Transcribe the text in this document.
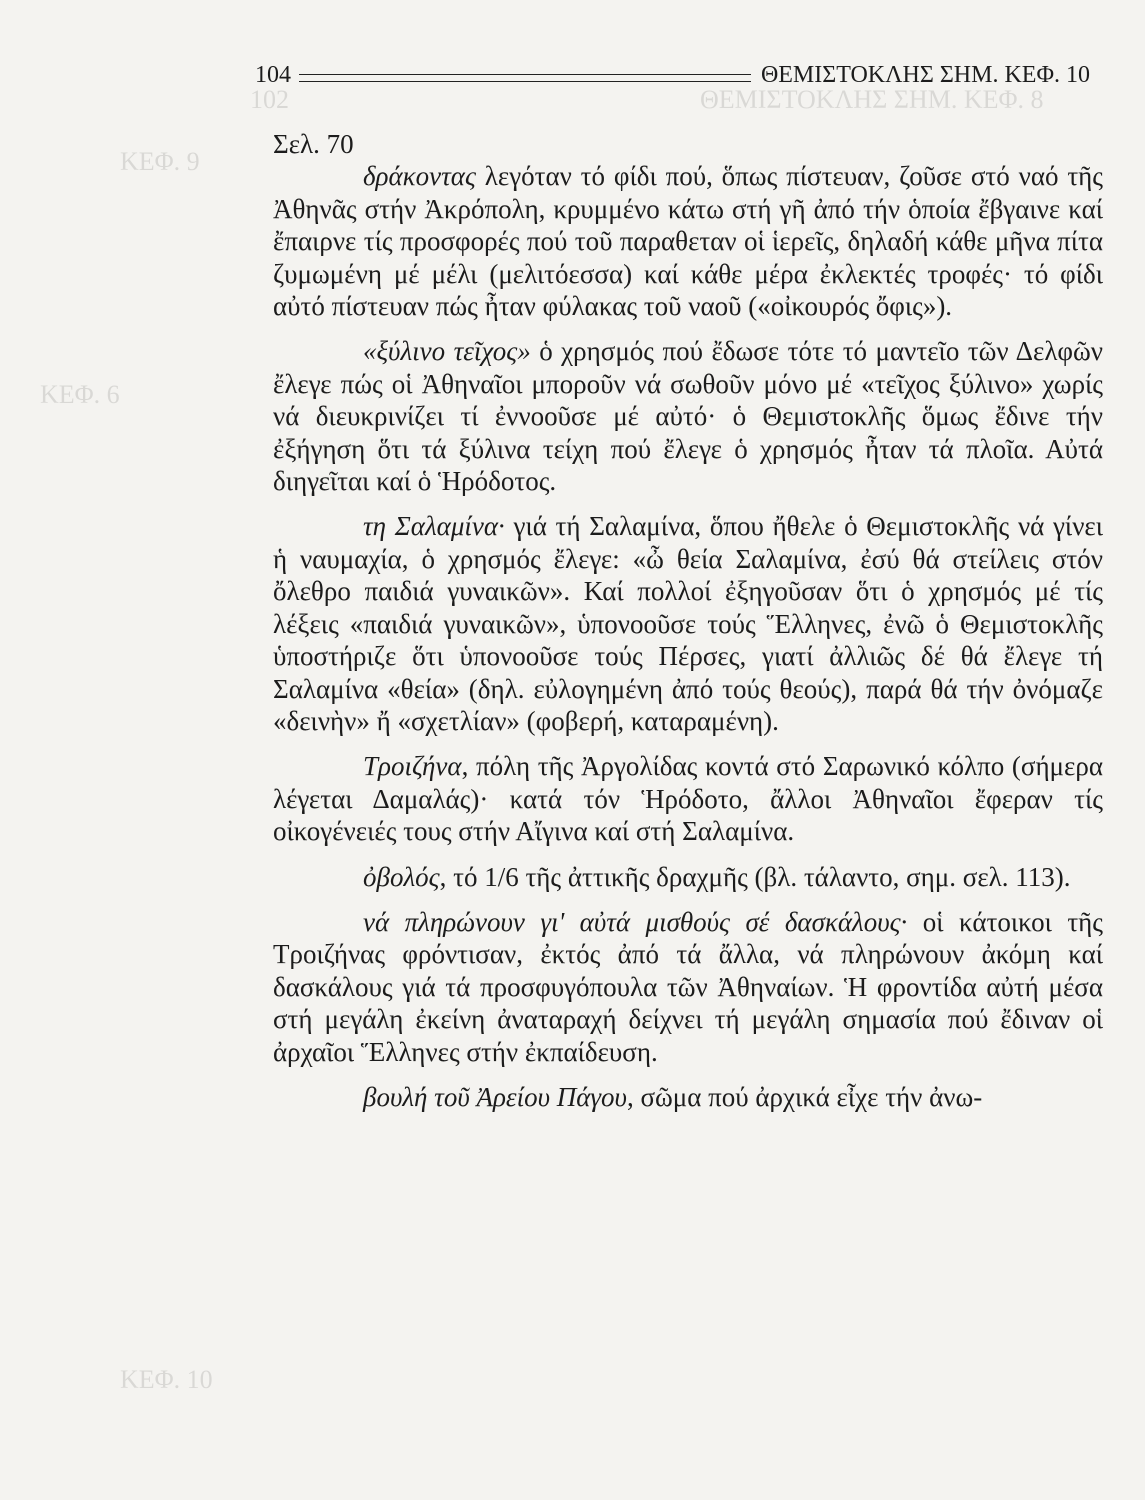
102	ΘΕΜΙΣΤΟΚΛΗΣ ΣΗΜ. ΚΕΦ. 8
ΚΕΦ. 9
ΚΕΦ. 6
ΚΕΦ. 10
104	ΘΕΜΙΣΤΟΚΛΗΣ ΣΗΜ. ΚΕΦ. 10

Σελ. 70

δράκοντας λεγόταν τό φίδι πού, ὅπως πίστευαν, ζοῦσε στό ναό τῆς Ἀθηνᾶς στήν Ἀκρόπολη, κρυμμένο κάτω στή γῆ ἀπό τήν ὁποία ἔβγαινε καί ἔπαιρνε τίς προσφορές πού τοῦ παραθεταν οἱ ἱερεῖς, δηλαδή κάθε μῆνα πίτα ζυμωμένη μέ μέλι (μελιτόεσσα) καί κάθε μέρα ἐκλεκτές τροφές· τό φίδι αὐτό πίστευαν πώς ἦταν φύλακας τοῦ ναοῦ («οἰκουρός ὄφις»).

«ξύλινο τεῖχος» ὁ χρησμός πού ἔδωσε τότε τό μαντεῖο τῶν Δελφῶν ἔλεγε πώς οἱ Ἀθηναῖοι μποροῦν νά σωθοῦν μόνο μέ «τεῖχος ξύλινο» χωρίς νά διευκρινίζει τί ἐννοοῦσε μέ αὐτό· ὁ Θεμιστοκλῆς ὅμως ἔδινε τήν ἐξήγηση ὅτι τά ξύλινα τείχη πού ἔλεγε ὁ χρησμός ἦταν τά πλοῖα. Αὐτά διηγεῖται καί ὁ Ἡρόδοτος.

τη Σαλαμίνα· γιά τή Σαλαμίνα, ὅπου ἤθελε ὁ Θεμιστοκλῆς νά γίνει ἡ ναυμαχία, ὁ χρησμός ἔλεγε: «ὦ θεία Σαλαμίνα, ἐσύ θά στείλεις στόν ὄλεθρο παιδιά γυναικῶν». Καί πολλοί ἐξηγοῦσαν ὅτι ὁ χρησμός μέ τίς λέξεις «παιδιά γυναικῶν», ὑπονοοῦσε τούς Ἕλληνες, ἐνῶ ὁ Θεμιστοκλῆς ὑποστήριζε ὅτι ὑπονοοῦσε τούς Πέρσες, γιατί ἀλλιῶς δέ θά ἔλεγε τή Σαλαμίνα «θεία» (δηλ. εὐλογημένη ἀπό τούς θεούς), παρά θά τήν ὀνόμαζε «δεινὴν» ἤ «σχετλίαν» (φοβερή, καταραμένη).

Τροιζήνα, πόλη τῆς Ἀργολίδας κοντά στό Σαρωνικό κόλπο (σήμερα λέγεται Δαμαλάς)· κατά τόν Ἡρόδοτο, ἄλλοι Ἀθηναῖοι ἔφεραν τίς οἰκογένειές τους στήν Αἴγινα καί στή Σαλαμίνα.

ὀβολός, τό 1/6 τῆς ἀττικῆς δραχμῆς (βλ. τάλαντο, σημ. σελ. 113).

νά πληρώνουν γι' αὐτά μισθούς σέ δασκάλους· οἱ κάτοικοι τῆς Τροιζήνας φρόντισαν, ἐκτός ἀπό τά ἄλλα, νά πληρώνουν ἀκόμη καί δασκάλους γιά τά προσφυγόπουλα τῶν Ἀθηναίων. Ἡ φροντίδα αὐτή μέσα στή μεγάλη ἐκείνη ἀναταραχή δείχνει τή μεγάλη σημασία πού ἔδιναν οἱ ἀρχαῖοι Ἕλληνες στήν ἐκπαίδευση.

βουλή τοῦ Ἀρείου Πάγου, σῶμα πού ἀρχικά εἶχε τήν ἀνω-
